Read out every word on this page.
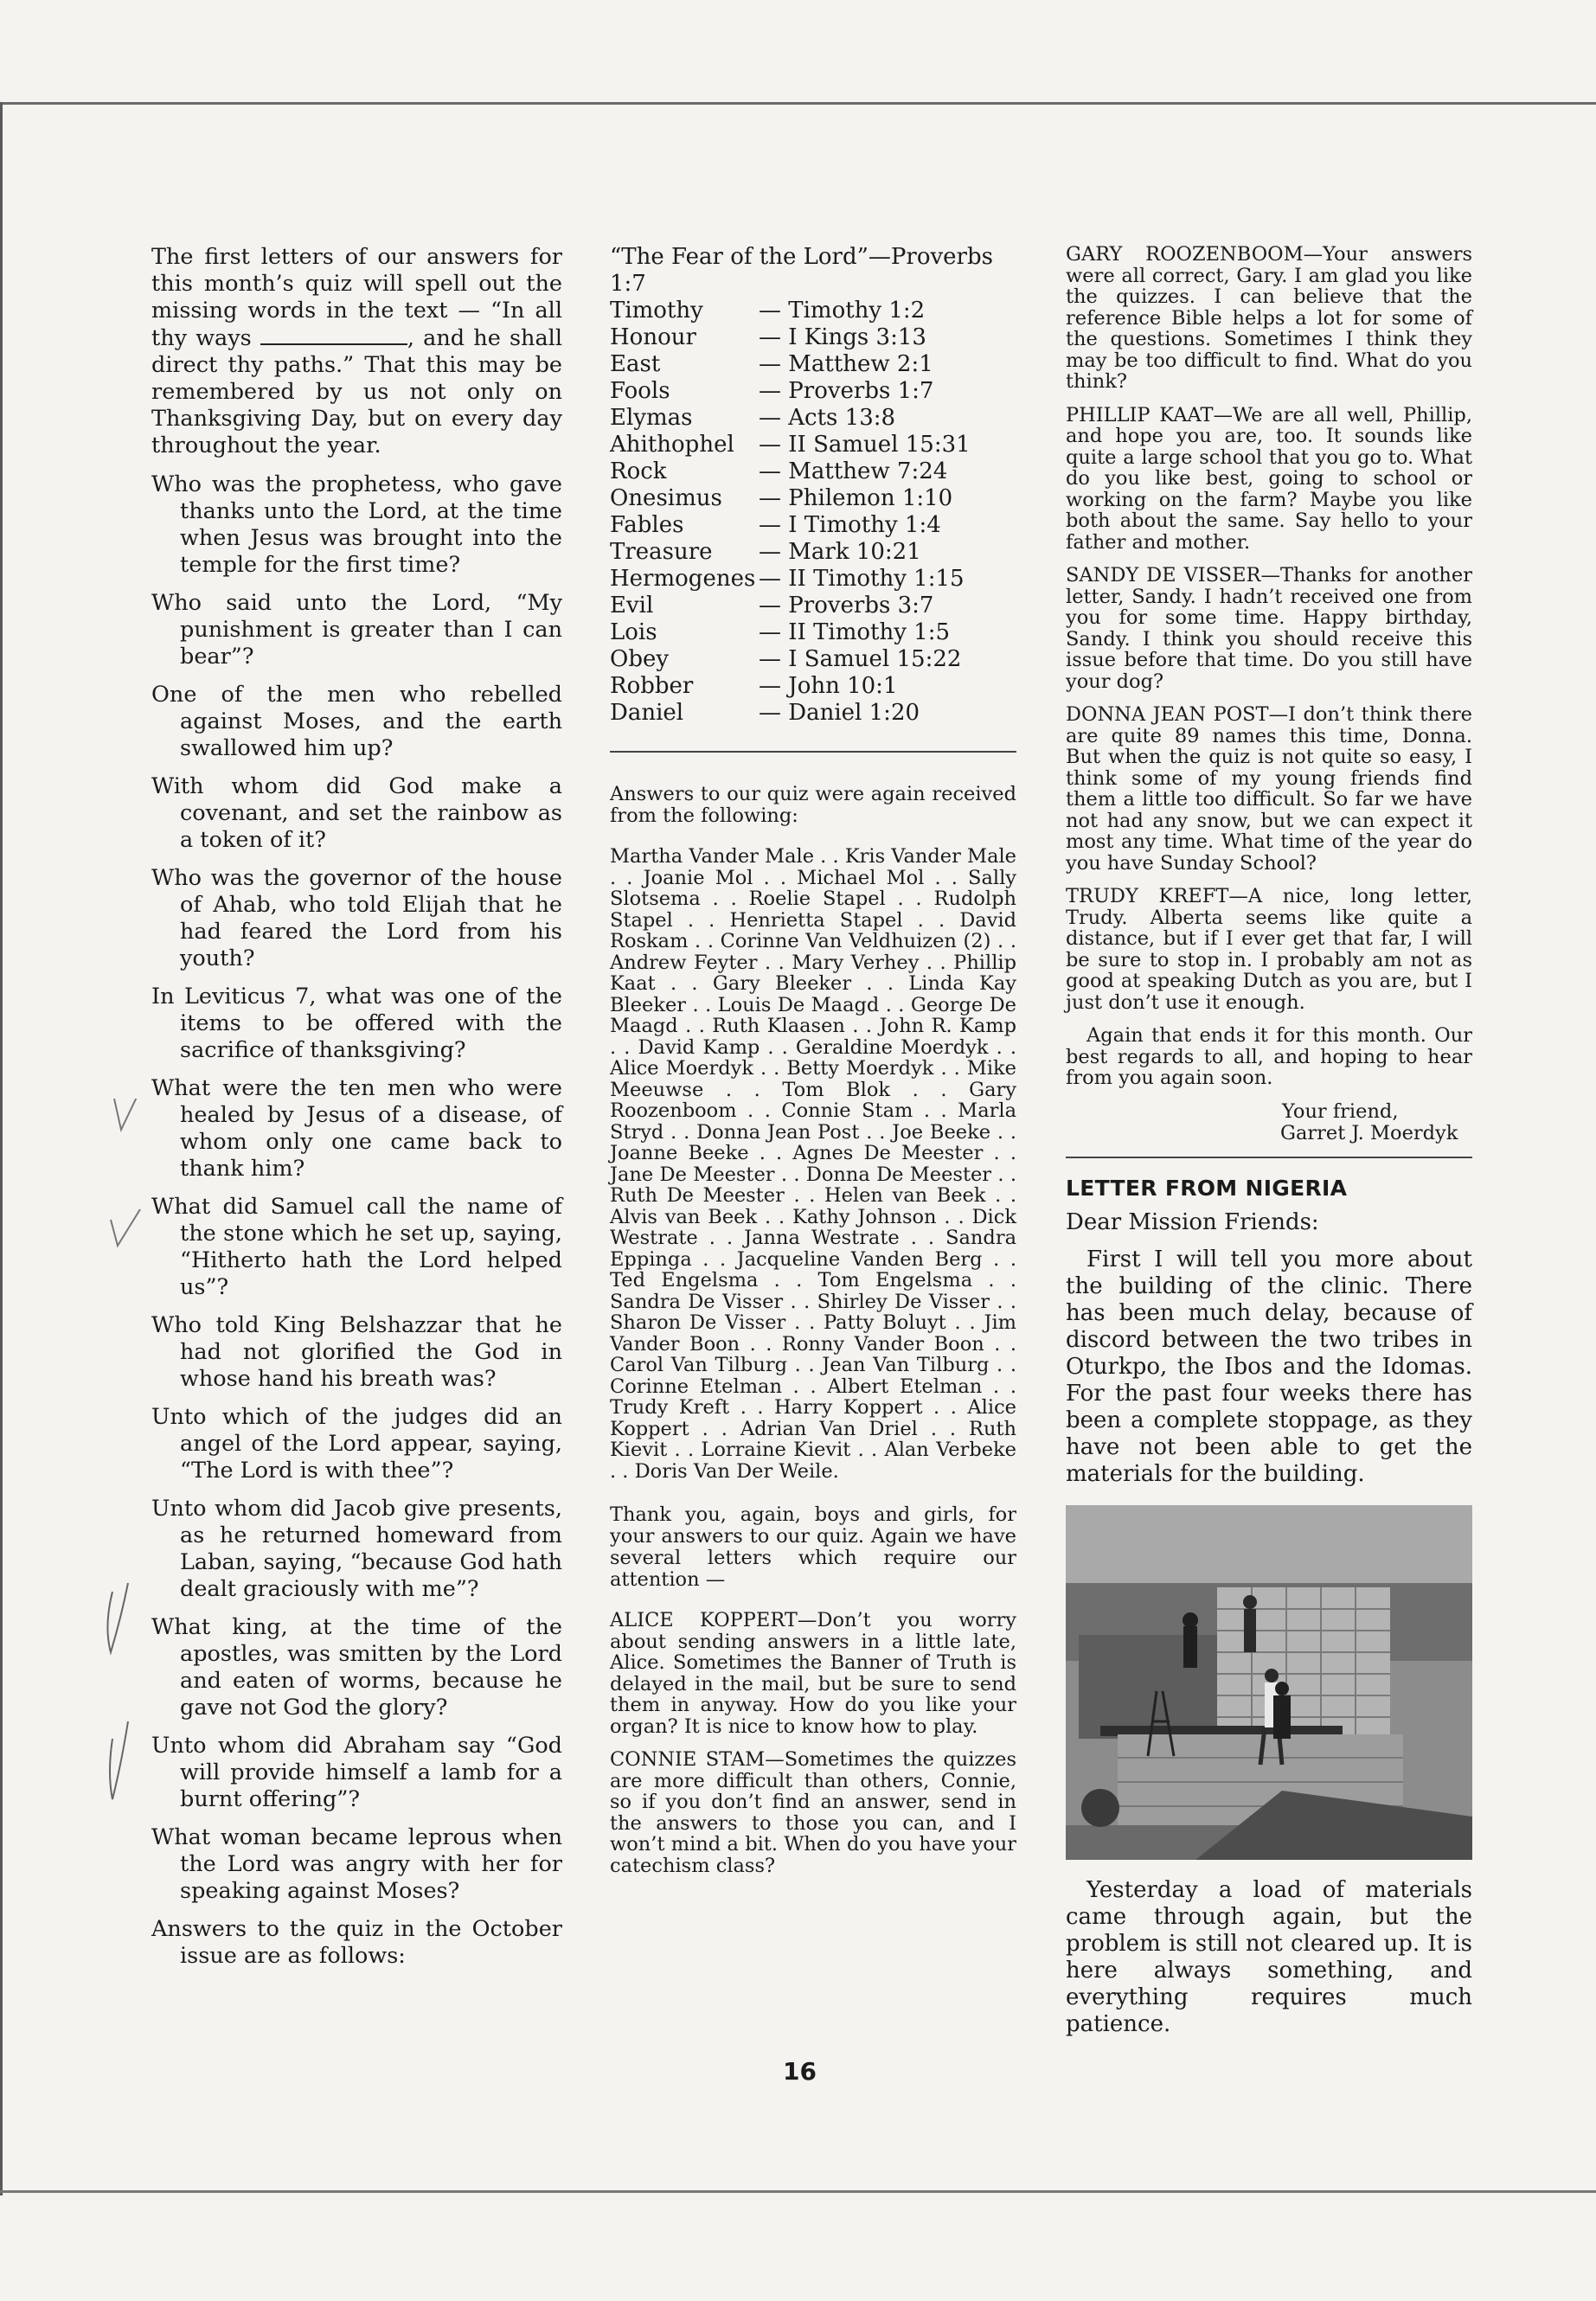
The first letters of our answers for this month’s quiz will spell out the missing words in the text — “In all thy ways	, and he shall direct thy paths.” That this may be remembered by us not only on Thanksgiving Day, but on every day throughout the year.

Who was the prophetess, who gave thanks unto the Lord, at the time when Jesus was brought into the temple for the first time?

Who said unto the Lord, “My punishment is greater than I can bear”?

One of the men who rebelled against Moses, and the earth swallowed him up?

With whom did God make a covenant, and set the rainbow as a token of it?

Who was the governor of the house of Ahab, who told Elijah that he had feared the Lord from his youth?

In Leviticus 7, what was one of the items to be offered with the sacrifice of thanksgiving?

What were the ten men who were healed by Jesus of a disease, of whom only one came back to thank him?

What did Samuel call the name of the stone which he set up, saying, “Hitherto hath the Lord helped us”?

Who told King Belshazzar that he had not glorified the God in whose hand his breath was?

Unto which of the judges did an angel of the Lord appear, saying, “The Lord is with thee”?

Unto whom did Jacob give presents, as he returned homeward from Laban, saying, “because God hath dealt graciously with me”?

What king, at the time of the apostles, was smitten by the Lord and eaten of worms, because he gave not God the glory?

Unto whom did Abraham say “God will provide himself a lamb for a burnt offering”?

What woman became leprous when the Lord was angry with her for speaking against Moses?

Answers to the quiz in the October issue are as follows:

“The Fear of the Lord”—Proverbs 1:7

Timothy	— Timothy 1:2
Honour	— I Kings 3:13
East	— Matthew 2:1
Fools	— Proverbs 1:7
Elymas	— Acts 13:8
Ahithophel	— II Samuel 15:31
Rock	— Matthew 7:24
Onesimus	— Philemon 1:10
Fables	— I Timothy 1:4
Treasure	— Mark 10:21
Hermogenes	— II Timothy 1:15
Evil	— Proverbs 3:7
Lois	— II Timothy 1:5
Obey	— I Samuel 15:22
Robber	— John 10:1
Daniel	— Daniel 1:20

Answers to our quiz were again received from the following:

Martha Vander Male . . Kris Vander Male . . Joanie Mol . . Michael Mol . . Sally Slotsema . . Roelie Stapel . . Rudolph Stapel . . Henrietta Stapel . . David Roskam . . Corinne Van Veldhuizen (2) . . Andrew Feyter . . Mary Verhey . . Phillip Kaat . . Gary Bleeker . . Linda Kay Bleeker . . Louis De Maagd . . George De Maagd . . Ruth Klaasen . . John R. Kamp . . David Kamp . . Geraldine Moerdyk . . Alice Moerdyk . . Betty Moerdyk . . Mike Meeuwse . . Tom Blok . . Gary Roozenboom . . Connie Stam . . Marla Stryd . . Donna Jean Post . . Joe Beeke . . Joanne Beeke . . Agnes De Meester . . Jane De Meester . . Donna De Meester . . Ruth De Meester . . Helen van Beek . . Alvis van Beek . . Kathy Johnson . . Dick Westrate . . Janna Westrate . . Sandra Eppinga . . Jacqueline Vanden Berg . . Ted Engelsma . . Tom Engelsma . . Sandra De Visser . . Shirley De Visser . . Sharon De Visser . . Patty Boluyt . . Jim Vander Boon . . Ronny Vander Boon . . Carol Van Tilburg . . Jean Van Tilburg . . Corinne Etelman . . Albert Etelman . . Trudy Kreft . . Harry Koppert . . Alice Koppert . . Adrian Van Driel . . Ruth Kievit . . Lorraine Kievit . . Alan Verbeke . . Doris Van Der Weile.

Thank you, again, boys and girls, for your answers to our quiz. Again we have several letters which require our attention —

ALICE KOPPERT—Don’t you worry about sending answers in a little late, Alice. Sometimes the Banner of Truth is delayed in the mail, but be sure to send them in anyway. How do you like your organ? It is nice to know how to play.

CONNIE STAM—Sometimes the quizzes are more difficult than others, Connie, so if you don’t find an answer, send in the answers to those you can, and I won’t mind a bit. When do you have your catechism class?

GARY ROOZENBOOM—Your answers were all correct, Gary. I am glad you like the quizzes. I can believe that the reference Bible helps a lot for some of the questions. Sometimes I think they may be too difficult to find. What do you think?

PHILLIP KAAT—We are all well, Phillip, and hope you are, too. It sounds like quite a large school that you go to. What do you like best, going to school or working on the farm? Maybe you like both about the same. Say hello to your father and mother.

SANDY DE VISSER—Thanks for another letter, Sandy. I hadn’t received one from you for some time. Happy birthday, Sandy. I think you should receive this issue before that time. Do you still have your dog?

DONNA JEAN POST—I don’t think there are quite 89 names this time, Donna. But when the quiz is not quite so easy, I think some of my young friends find them a little too difficult. So far we have not had any snow, but we can expect it most any time. What time of the year do you have Sunday School?

TRUDY KREFT—A nice, long letter, Trudy. Alberta seems like quite a distance, but if I ever get that far, I will be sure to stop in. I probably am not as good at speaking Dutch as you are, but I just don’t use it enough.

Again that ends it for this month. Our best regards to all, and hoping to hear from you again soon.

Your friend,

Garret J. Moerdyk

LETTER FROM NIGERIA

Dear Mission Friends:

First I will tell you more about the building of the clinic. There has been much delay, because of discord between the two tribes in Oturkpo, the Ibos and the Idomas. For the past four weeks there has been a complete stoppage, as they have not been able to get the materials for the building.

Yesterday a load of materials came through again, but the problem is still not cleared up. It is here always something, and everything requires much patience.

16
